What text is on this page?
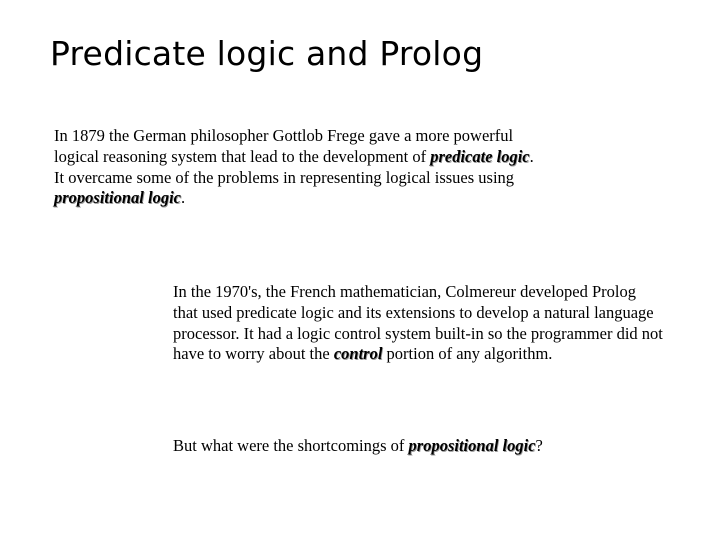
Predicate logic and Prolog

In 1879 the German philosopher Gottlob Frege gave a more powerful logical reasoning system that lead to the development of predicate logic. It overcame some of the problems in representing logical issues using propositional logic.

In the 1970's, the French mathematician, Colmereur developed Prolog that used predicate logic and its extensions to develop a natural language processor. It had a logic control system built-in so the programmer did not have to worry about the control portion of any algorithm.

But what were the shortcomings of propositional logic?
